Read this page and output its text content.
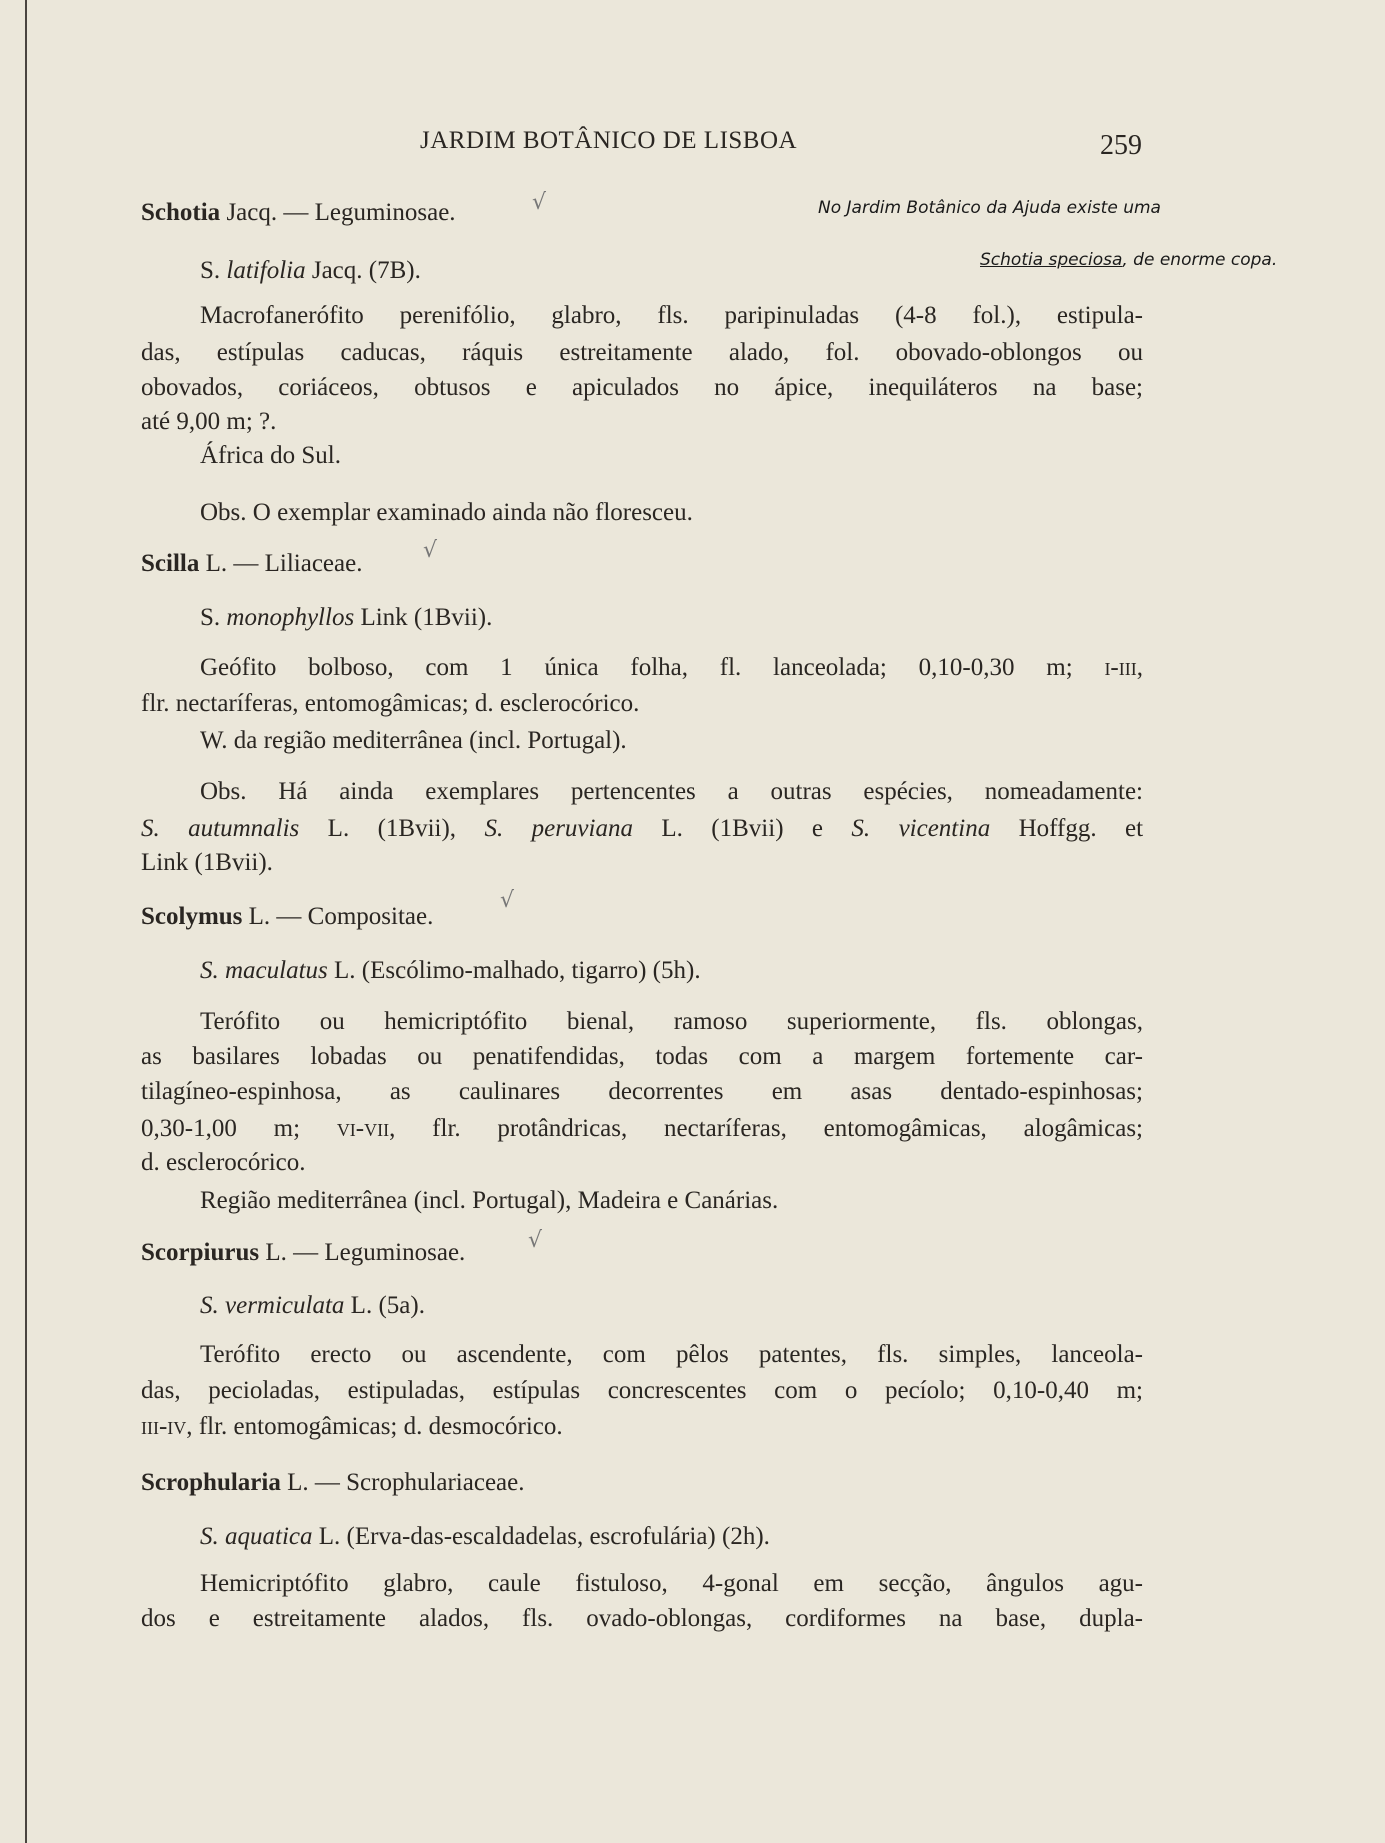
JARDIM BOTÂNICO DE LISBOA	259
No Jardim Botânico da Ajuda existe uma
Schotia speciosa, de enorme copa.
Schotia Jacq. — Leguminosae.	√
S. latifolia Jacq. (7B).
Macrofanerófito perenifólio, glabro, fls. paripinuladas (4-8 fol.), estipula-
das, estípulas caducas, ráquis estreitamente alado, fol. obovado-oblongos ou
obovados, coriáceos, obtusos e apiculados no ápice, inequiláteros na base;
até 9,00 m; ?.
África do Sul.
Obs. O exemplar examinado ainda não floresceu.
Scilla L. — Liliaceae.	√
S. monophyllos Link (1Bvii).
Geófito bolboso, com 1 única folha, fl. lanceolada; 0,10-0,30 m; i-iii,
flr. nectaríferas, entomogâmicas; d. esclerocórico.
W. da região mediterrânea (incl. Portugal).
Obs. Há ainda exemplares pertencentes a outras espécies, nomeadamente:
S. autumnalis L. (1Bvii), S. peruviana L. (1Bvii) e S. vicentina Hoffgg. et
Link (1Bvii).
Scolymus L. — Compositae.
√
S. maculatus L. (Escólimo-malhado, tigarro) (5h).
Terófito ou hemicriptófito bienal, ramoso superiormente, fls. oblongas,
as basilares lobadas ou penatifendidas, todas com a margem fortemente car-
tilagíneo-espinhosa, as caulinares decorrentes em asas dentado-espinhosas;
0,30-1,00 m; vi-vii, flr. protândricas, nectaríferas, entomogâmicas, alogâmicas;
d. esclerocórico.
Região mediterrânea (incl. Portugal), Madeira e Canárias.
Scorpiurus L. — Leguminosae.	√
S. vermiculata L. (5a).
Terófito erecto ou ascendente, com pêlos patentes, fls. simples, lanceola-
das, pecioladas, estipuladas, estípulas concrescentes com o pecíolo; 0,10-0,40 m;
iii-iv, flr. entomogâmicas; d. desmocórico.
Scrophularia L. — Scrophulariaceae.
S. aquatica L. (Erva-das-escaldadelas, escrofulária) (2h).
Hemicriptófito glabro, caule fistuloso, 4-gonal em secção, ângulos agu-
dos e estreitamente alados, fls. ovado-oblongas, cordiformes na base, dupla-
